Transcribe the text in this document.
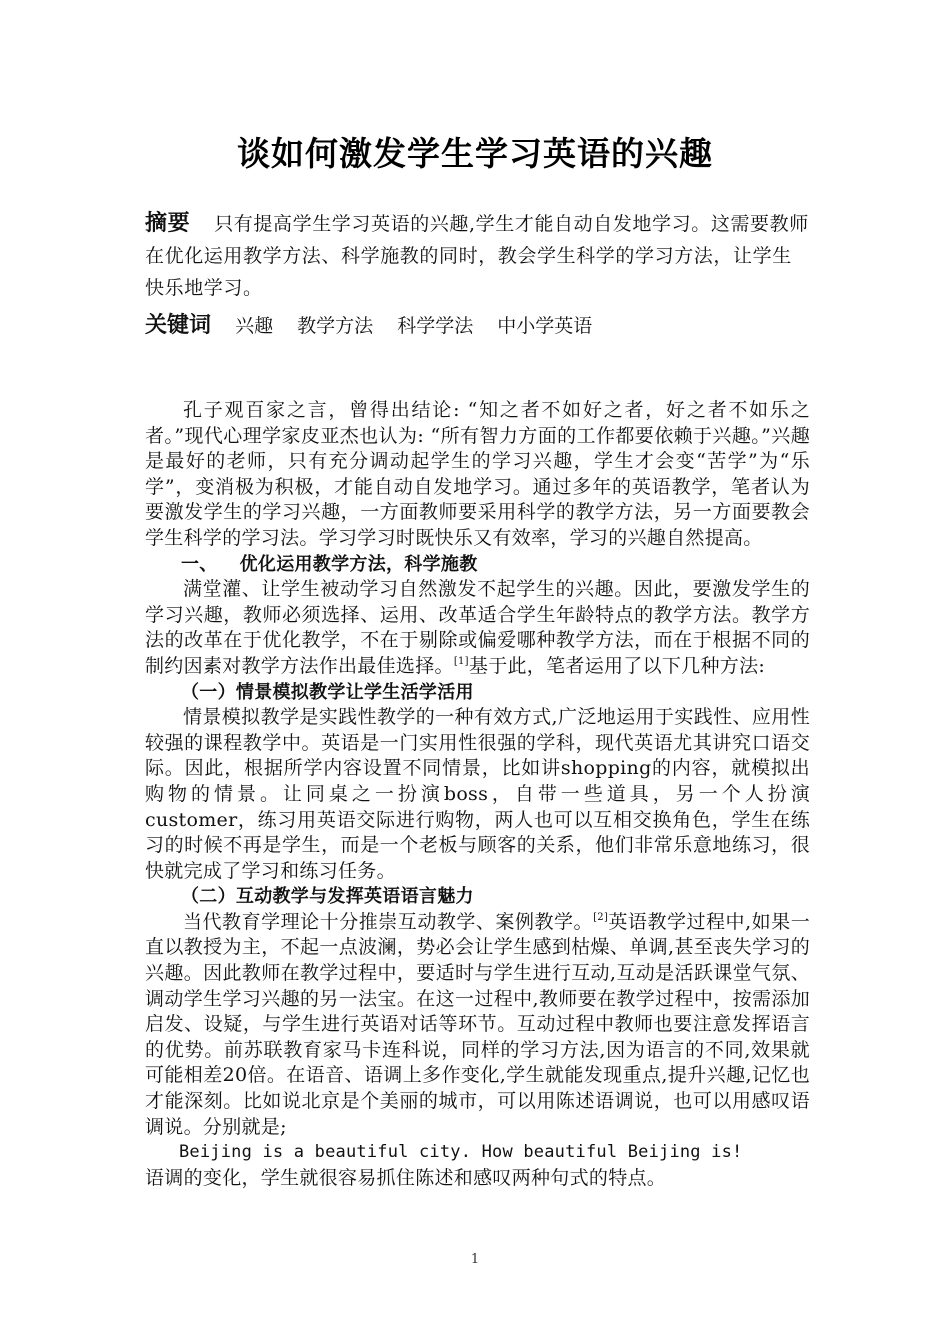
谈如何激发学生学习英语的兴趣
摘要 只有提高学生学习英语的兴趣,学生才能自动自发地学习。这需要教师在优化运用教学方法、科学施教的同时，教会学生科学的学习方法，让学生快乐地学习。
关键词 兴趣 教学方法 科学学法 中小学英语

孔子观百家之言，曾得出结论: “知之者不如好之者，好之者不如乐之者。”现代心理学家皮亚杰也认为: “所有智力方面的工作都要依赖于兴趣。”兴趣是最好的老师，只有充分调动起学生的学习兴趣，学生才会变“苦学”为“乐学”，变消极为积极，才能自动自发地学习。通过多年的英语教学，笔者认为要激发学生的学习兴趣，一方面教师要采用科学的教学方法，另一方面要教会学生科学的学习法。学习学习时既快乐又有效率，学习的兴趣自然提高。

一、 优化运用教学方法，科学施教

满堂灌、让学生被动学习自然激发不起学生的兴趣。因此，要激发学生的学习兴趣，教师必须选择、运用、改革适合学生年龄特点的教学方法。教学方法的改革在于优化教学，不在于剔除或偏爱哪种教学方法，而在于根据不同的制约因素对教学方法作出最佳选择。[1]基于此，笔者运用了以下几种方法:

（一）情景模拟教学让学生活学活用

情景模拟教学是实践性教学的一种有效方式,广泛地运用于实践性、应用性较强的课程教学中。英语是一门实用性很强的学科，现代英语尤其讲究口语交际。因此，根据所学内容设置不同情景，比如讲shopping的内容，就模拟出购物的情景。让同桌之一扮演boss，自带一些道具，另一个人扮演customer，练习用英语交际进行购物，两人也可以互相交换角色，学生在练习的时候不再是学生，而是一个老板与顾客的关系，他们非常乐意地练习，很快就完成了学习和练习任务。

（二）互动教学与发挥英语语言魅力

当代教育学理论十分推崇互动教学、案例教学。[2]英语教学过程中,如果一直以教授为主，不起一点波澜，势必会让学生感到枯燥、单调,甚至丧失学习的兴趣。因此教师在教学过程中，要适时与学生进行互动,互动是活跃课堂气氛、调动学生学习兴趣的另一法宝。在这一过程中,教师要在教学过程中，按需添加启发、设疑，与学生进行英语对话等环节。互动过程中教师也要注意发挥语言的优势。前苏联教育家马卡连科说，同样的学习方法,因为语言的不同,效果就可能相差20倍。在语音、语调上多作变化,学生就能发现重点,提升兴趣,记忆也才能深刻。比如说北京是个美丽的城市，可以用陈述语调说，也可以用感叹语调说。分别就是;

Beijing is a beautiful city. How beautiful Beijing is!

语调的变化，学生就很容易抓住陈述和感叹两种句式的特点。

1
